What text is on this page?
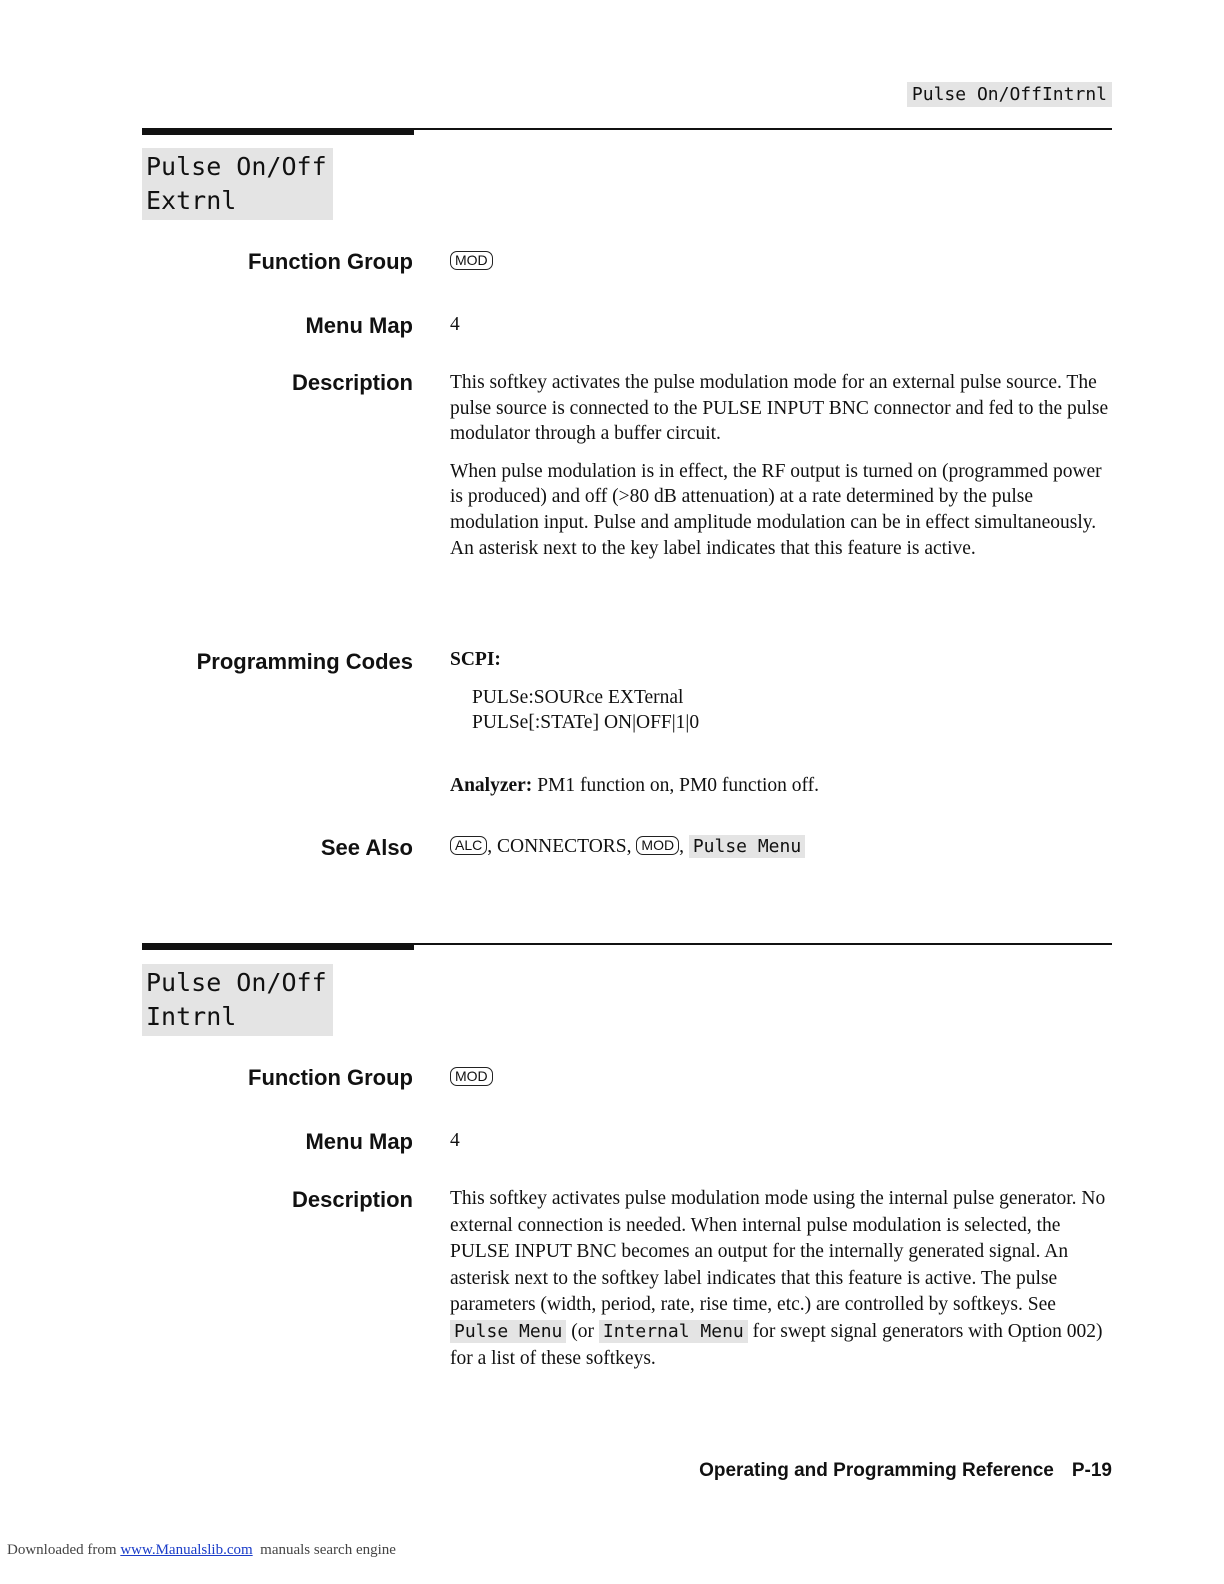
Pulse On/OffIntrnl
Pulse On/Off
Extrnl
Function Group	MOD
Menu Map 4
Description This softkey activates the pulse modulation mode for an external pulse source. The pulse source is connected to the PULSE INPUT BNC connector and fed to the pulse modulator through a buffer circuit.

When pulse modulation is in effect, the RF output is turned on (programmed power is produced) and off (>80 dB attenuation) at a rate determined by the pulse modulation input. Pulse and amplitude modulation can be in effect simultaneously. An asterisk next to the key label indicates that this feature is active.

Programming Codes SCPI:
PULSe:SOURce EXTernal
PULSe[:STATe] ON|OFF|1|0
Analyzer: PM1 function on, PM0 function off.
See Also	ALC , CONNECTORS, MOD , Pulse Menu
Pulse On/Off
Intrnl
Function Group	MOD
Menu Map 4
Description This softkey activates pulse modulation mode using the internal pulse generator. No external connection is needed. When internal pulse modulation is selected, the PULSE INPUT BNC becomes an output for the internally generated signal. An asterisk next to the softkey label indicates that this feature is active. The pulse parameters (width, period, rate, rise time, etc.) are controlled by softkeys. See Pulse Menu (or Internal Menu for swept signal generators with Option 002) for a list of these softkeys.
Operating and Programming Reference P-19
Downloaded from www.Manualslib.com  manuals search engine
